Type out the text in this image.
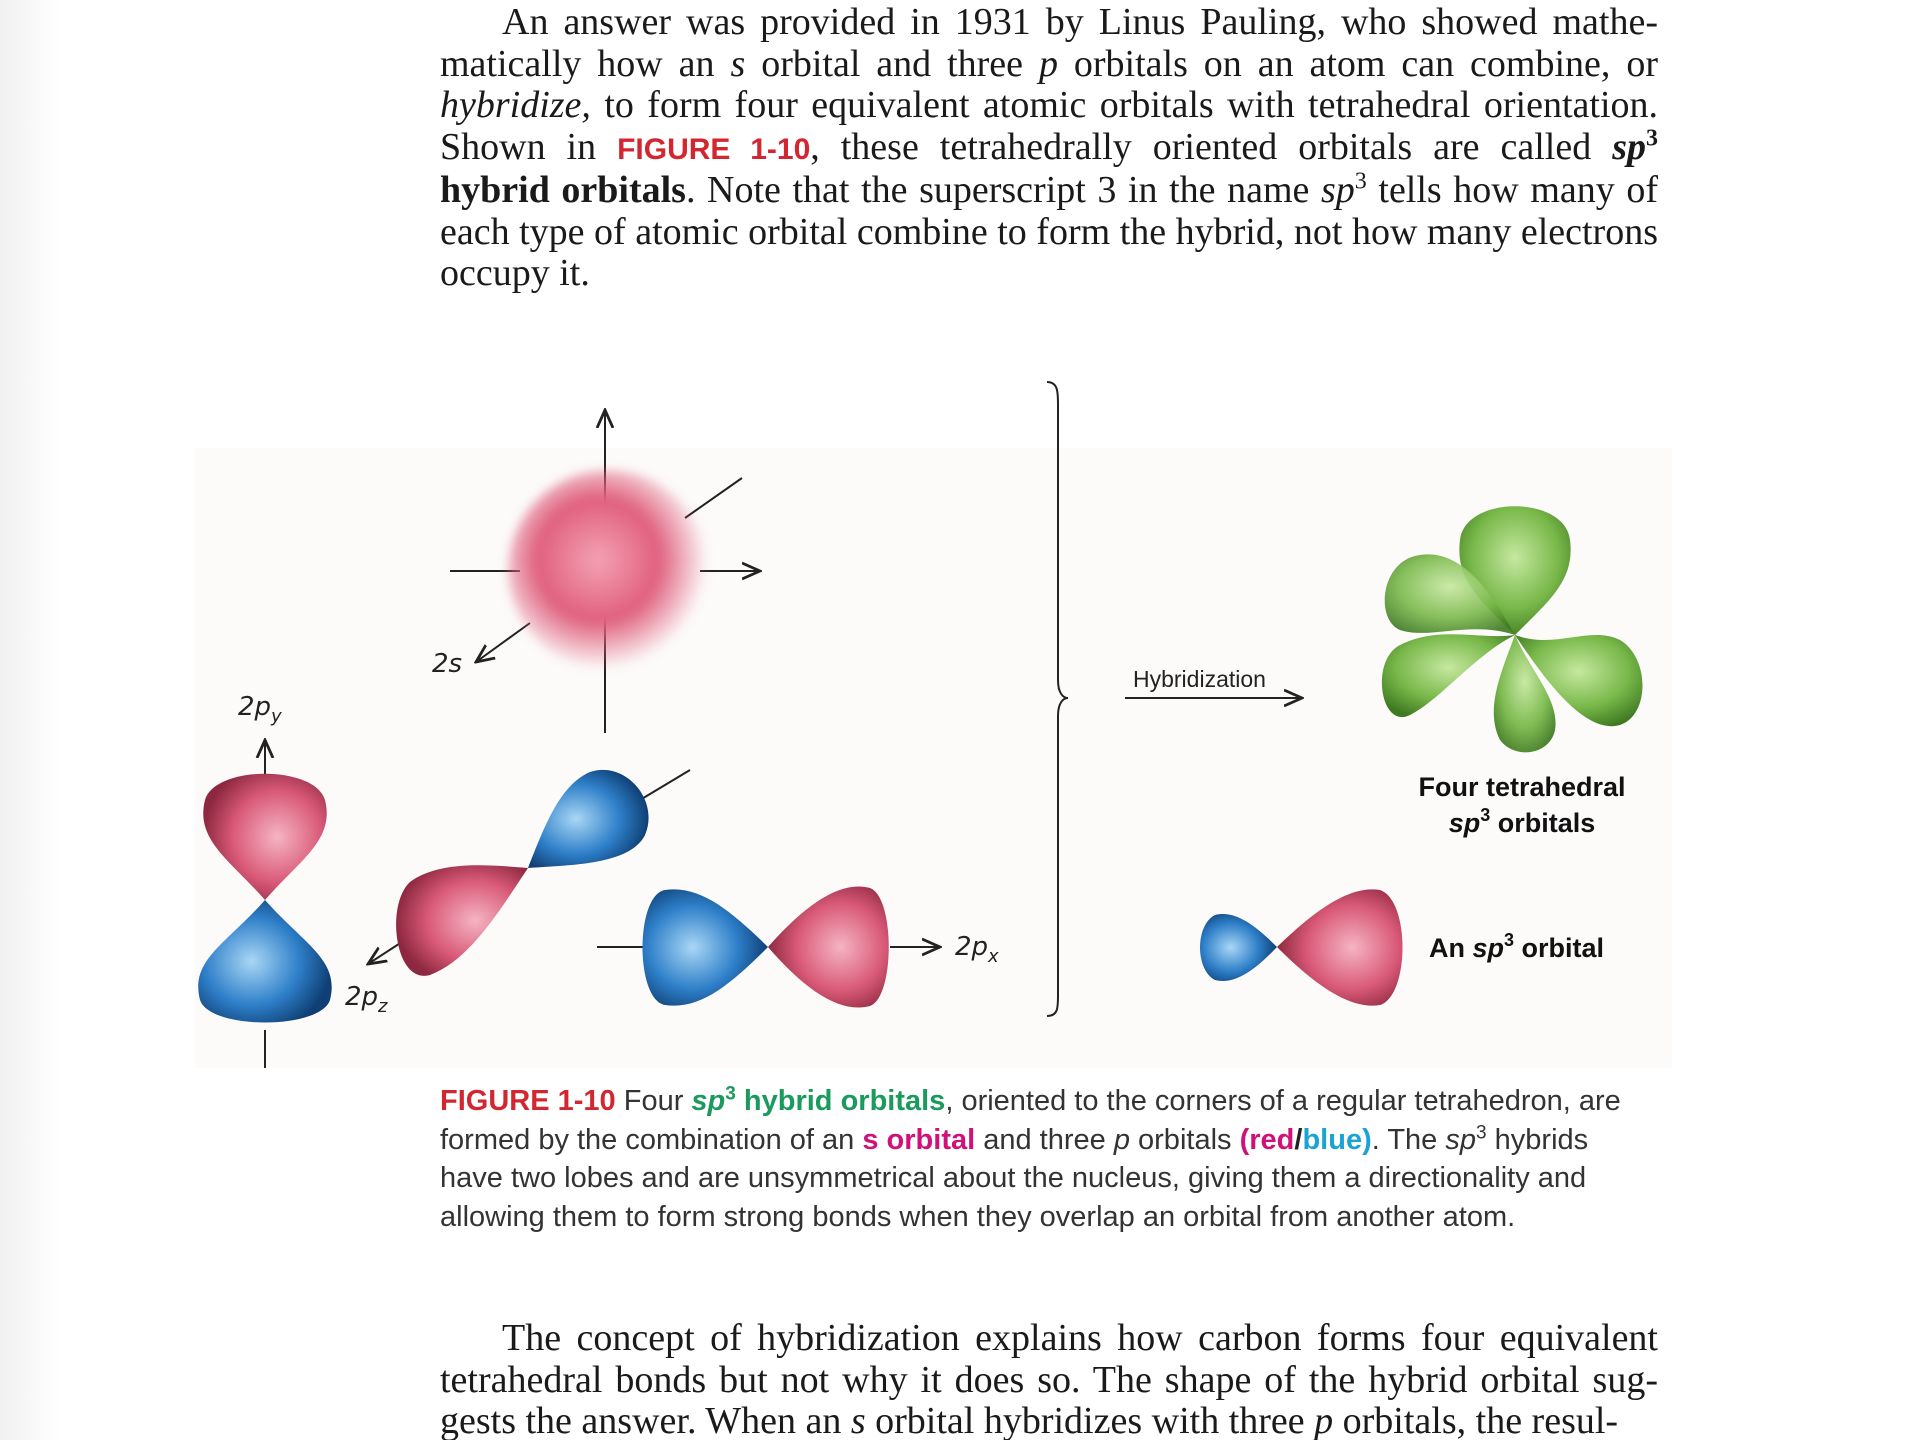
An answer was provided in 1931 by Linus Pauling, who showed mathematically how an s orbital and three p orbitals on an atom can combine, or hybridize, to form four equivalent atomic orbitals with tetrahedral orientation. Shown in FIGURE 1-10, these tetrahedrally oriented orbitals are called $sp^3$ hybrid orbitals. Note that the superscript 3 in the name $sp^3$ tells how many of each type of atomic orbital combine to form the hybrid, not how many electrons occupy it.

2s
$2p_y$
$2p_z$
$2p_x$
Hybridization
Four tetrahedral
$sp^3$ orbitals
An $sp^3$ orbital

FIGURE 1-10 Four $sp^3$ hybrid orbitals, oriented to the corners of a regular tetrahedron, are formed by the combination of an s orbital and three p orbitals (red/blue). The $sp^3$ hybrids have two lobes and are unsymmetrical about the nucleus, giving them a directionality and allowing them to form strong bonds when they overlap an orbital from another atom.

The concept of hybridization explains how carbon forms four equivalent tetrahedral bonds but not why it does so. The shape of the hybrid orbital suggests the answer. When an s orbital hybridizes with three p orbitals, the resul-
